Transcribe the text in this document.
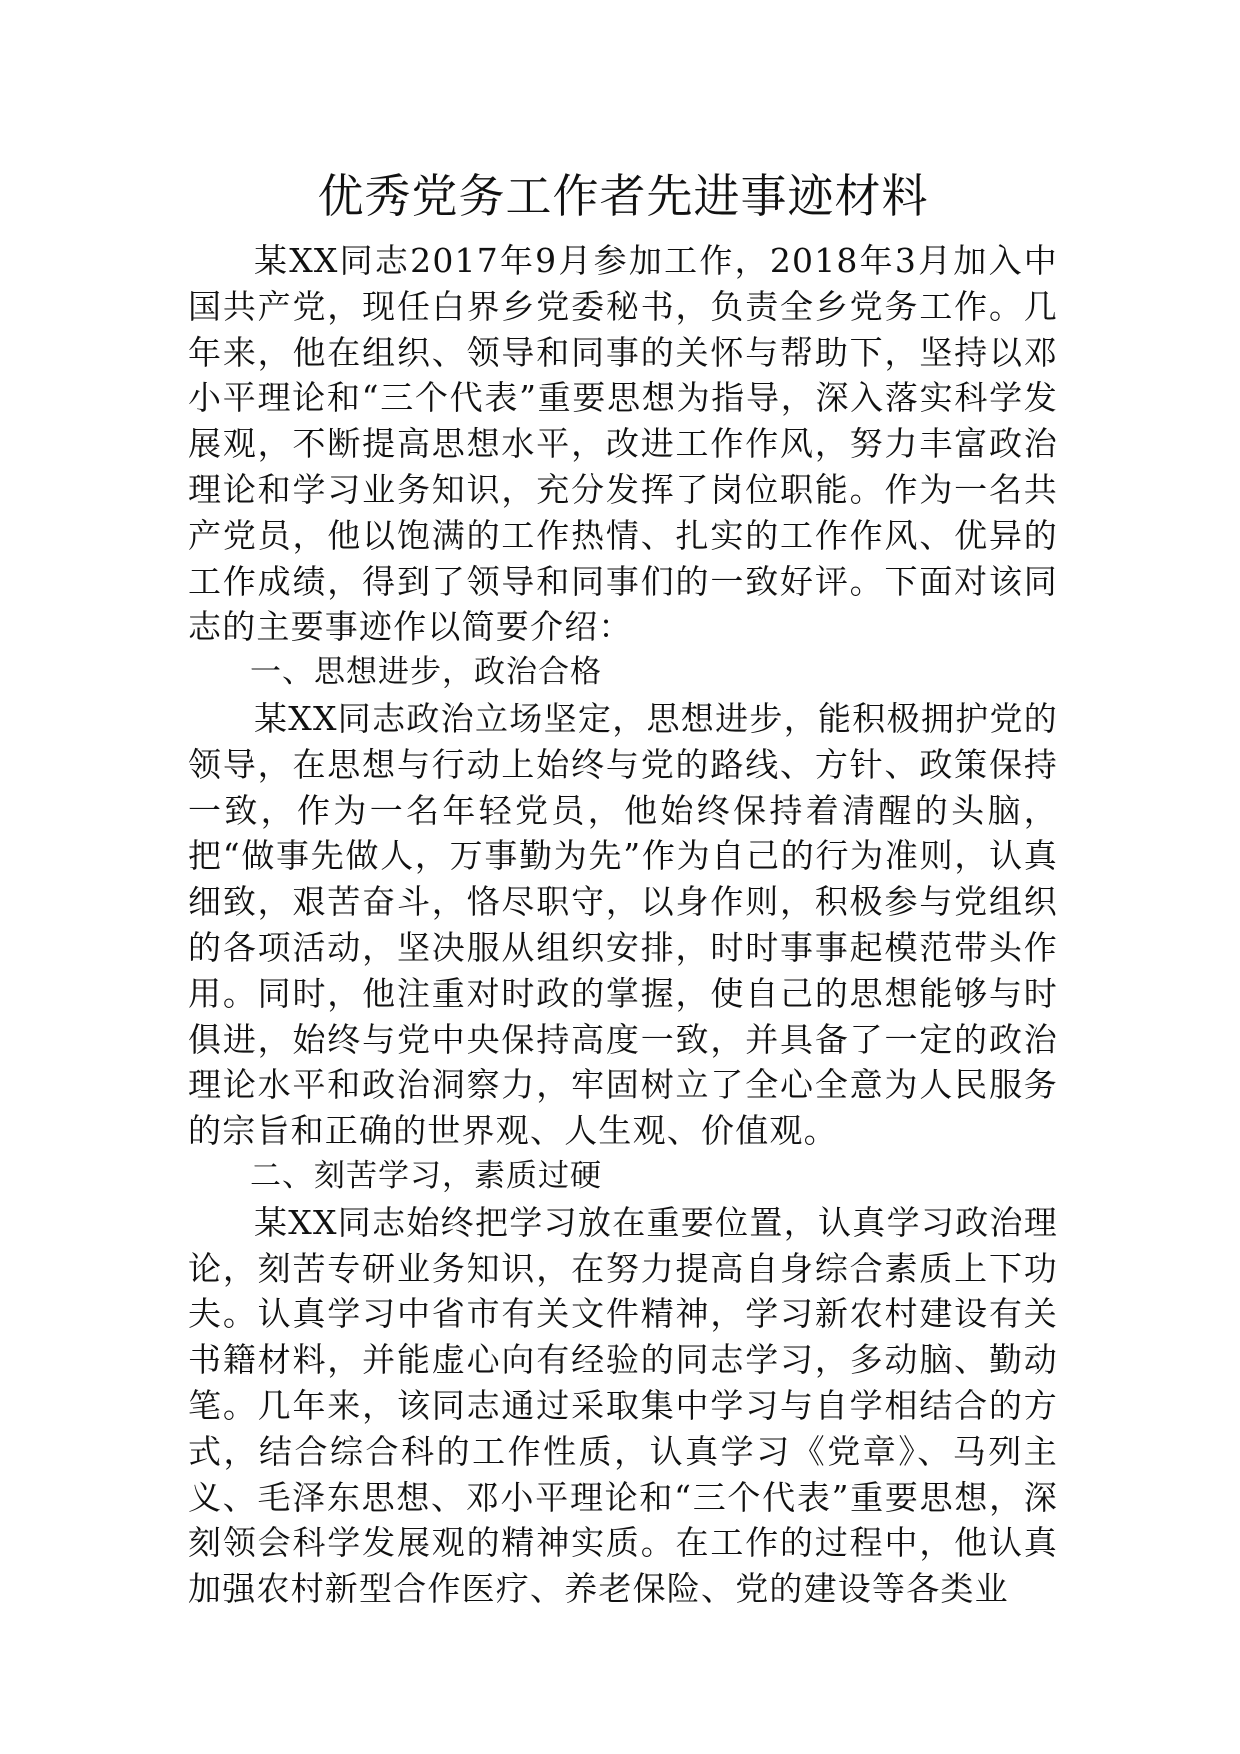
优秀党务工作者先进事迹材料

某XX同志2017年9月参加工作，2018年3月加入中国共产党，现任白界乡党委秘书，负责全乡党务工作。几年来，他在组织、领导和同事的关怀与帮助下，坚持以邓小平理论和“三个代表”重要思想为指导，深入落实科学发展观，不断提高思想水平，改进工作作风，努力丰富政治理论和学习业务知识，充分发挥了岗位职能。作为一名共产党员，他以饱满的工作热情、扎实的工作作风、优异的工作成绩，得到了领导和同事们的一致好评。下面对该同志的主要事迹作以简要介绍：

一、思想进步，政治合格

某XX同志政治立场坚定，思想进步，能积极拥护党的领导，在思想与行动上始终与党的路线、方针、政策保持一致，作为一名年轻党员，他始终保持着清醒的头脑，把“做事先做人，万事勤为先”作为自己的行为准则，认真细致，艰苦奋斗，恪尽职守，以身作则，积极参与党组织的各项活动，坚决服从组织安排，时时事事起模范带头作用。同时，他注重对时政的掌握，使自己的思想能够与时俱进，始终与党中央保持高度一致，并具备了一定的政治理论水平和政治洞察力，牢固树立了全心全意为人民服务的宗旨和正确的世界观、人生观、价值观。

二、刻苦学习，素质过硬

某XX同志始终把学习放在重要位置，认真学习政治理论，刻苦专研业务知识，在努力提高自身综合素质上下功夫。认真学习中省市有关文件精神，学习新农村建设有关书籍材料，并能虚心向有经验的同志学习，多动脑、勤动笔。几年来，该同志通过采取集中学习与自学相结合的方式，结合综合科的工作性质，认真学习《党章》、马列主义、毛泽东思想、邓小平理论和“三个代表”重要思想，深刻领会科学发展观的精神实质。在工作的过程中，他认真加强农村新型合作医疗、养老保险、党的建设等各类业
